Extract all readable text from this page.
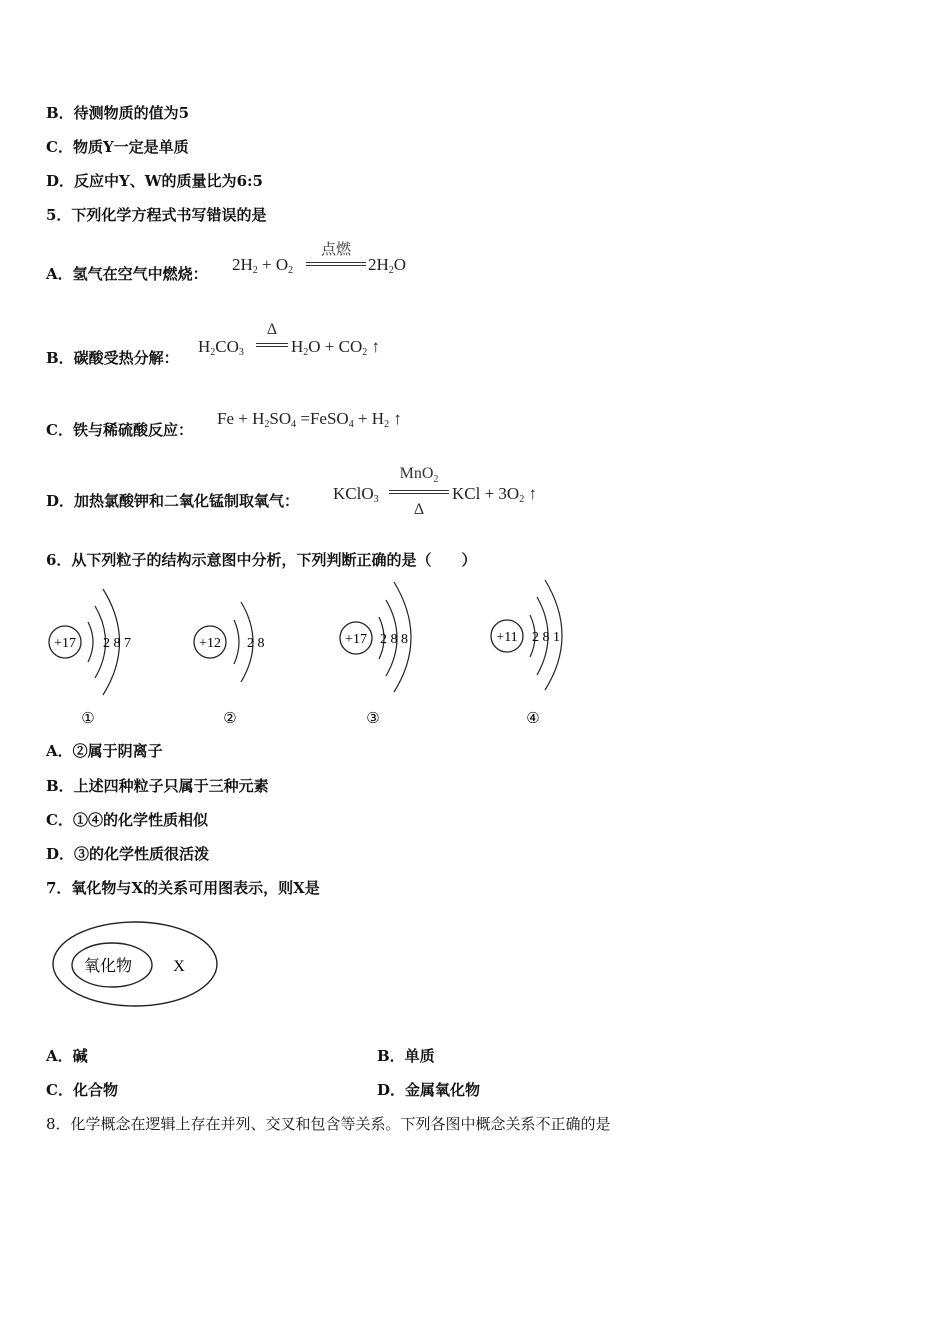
B．待测物质的值为5
C．物质Y一定是单质
D．反应中Y、W的质量比为6:5
5．下列化学方程式书写错误的是
A．氢气在空气中燃烧： $2H_2 + O_2$
点燃
$2H_2O$
B．碳酸受热分解：
$H_2CO_3$
Δ
$H_2O + CO_2$ ↑
C．铁与稀硫酸反应：
$Fe + H_2SO_4$ =FeSO$_4$ + $H_2$ ↑
D．加热氯酸钾和二氧化锰制取氧气： KClO$_3$
MnO$_2$
Δ
KCl + $3O_2$ ↑
6．从下列粒子的结构示意图中分析，下列判断正确的是（　　）
+17 2 8 7
①
+12 2 8
②
+17 2 8 8
③
+11 2 8 1
④
A．②属于阴离子
B．上述四种粒子只属于三种元素
C．①④的化学性质相似
D．③的化学性质很活泼
7．氧化物与X的关系可用图表示，则X是
氧化物	X
A．碱	B．单质
C．化合物	D．金属氧化物
8．化学概念在逻辑上存在并列、交叉和包含等关系。下列各图中概念关系不正确的是
